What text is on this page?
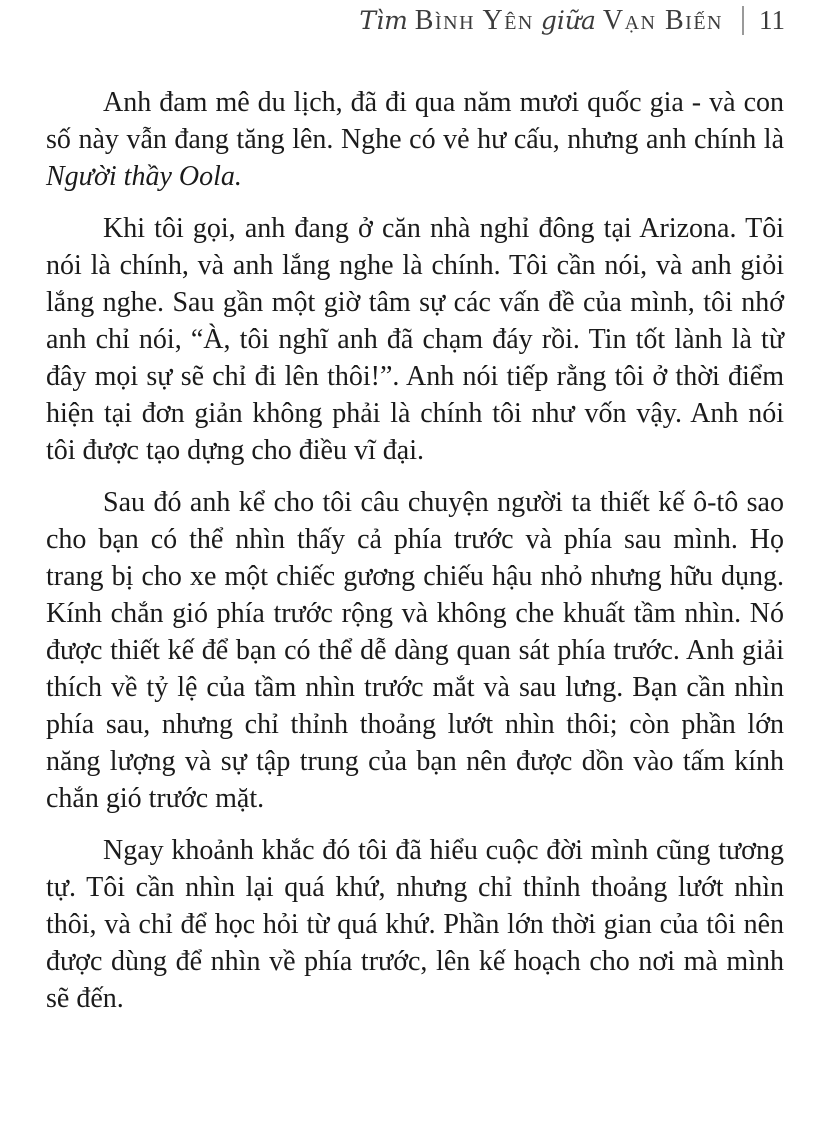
Tìm Bình Yên giữa Vạn Biến 11

Anh đam mê du lịch, đã đi qua năm mươi quốc gia - và con số này vẫn đang tăng lên. Nghe có vẻ hư cấu, nhưng anh chính là Người thầy Oola.

Khi tôi gọi, anh đang ở căn nhà nghỉ đông tại Arizona. Tôi nói là chính, và anh lắng nghe là chính. Tôi cần nói, và anh giỏi lắng nghe. Sau gần một giờ tâm sự các vấn đề của mình, tôi nhớ anh chỉ nói, “À, tôi nghĩ anh đã chạm đáy rồi. Tin tốt lành là từ đây mọi sự sẽ chỉ đi lên thôi!”. Anh nói tiếp rằng tôi ở thời điểm hiện tại đơn giản không phải là chính tôi như vốn vậy. Anh nói tôi được tạo dựng cho điều vĩ đại.

Sau đó anh kể cho tôi câu chuyện người ta thiết kế ô-tô sao cho bạn có thể nhìn thấy cả phía trước và phía sau mình. Họ trang bị cho xe một chiếc gương chiếu hậu nhỏ nhưng hữu dụng. Kính chắn gió phía trước rộng và không che khuất tầm nhìn. Nó được thiết kế để bạn có thể dễ dàng quan sát phía trước. Anh giải thích về tỷ lệ của tầm nhìn trước mắt và sau lưng. Bạn cần nhìn phía sau, nhưng chỉ thỉnh thoảng lướt nhìn thôi; còn phần lớn năng lượng và sự tập trung của bạn nên được dồn vào tấm kính chắn gió trước mặt.

Ngay khoảnh khắc đó tôi đã hiểu cuộc đời mình cũng tương tự. Tôi cần nhìn lại quá khứ, nhưng chỉ thỉnh thoảng lướt nhìn thôi, và chỉ để học hỏi từ quá khứ. Phần lớn thời gian của tôi nên được dùng để nhìn về phía trước, lên kế hoạch cho nơi mà mình sẽ đến.
